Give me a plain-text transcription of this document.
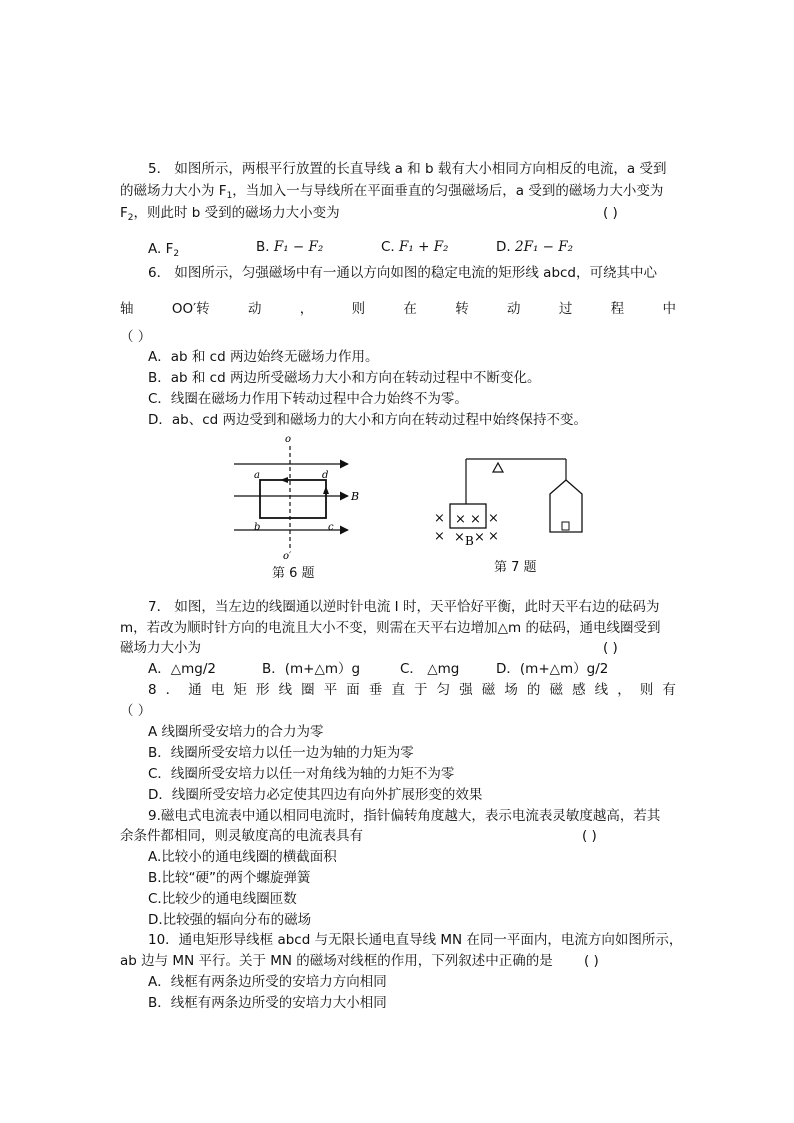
5． 如图所示，两根平行放置的长直导线 a 和 b 载有大小相同方向相反的电流，a 受到
的磁场力大小为 $F_1$，当加入一与导线所在平面垂直的匀强磁场后，a 受到的磁场力大小变为
$F_2$，则此时 b 受到的磁场力大小变为	( )
A. $F_2$	B. F₁ − F₂	C. F₁ + F₂	D. 2F₁ − F₂
6． 如图所示，匀强磁场中有一通以方向如图的稳定电流的矩形线 abcd，可绕其中心
轴	OO′转	动	，	则	在	转	动	过	程	中
（ ）
A．ab 和 cd 两边始终无磁场力作用。
B．ab 和 cd 两边所受磁场力大小和方向在转动过程中不断变化。
C．线圈在磁场力作用下转动过程中合力始终不为零。
D．ab、cd 两边受到和磁场力的大小和方向在转动过程中始终保持不变。
o
o′
a	d
b	c
B
第 6 题
× × × ×
× × B × ×
第 7 题
7． 如图，当左边的线圈通以逆时针电流 I 时，天平恰好平衡，此时天平右边的砝码为
m，若改为顺时针方向的电流且大小不变，则需在天平右边增加△m 的砝码，通电线圈受到
磁场力大小为	( )
A．△mg/2	B．(m+△m）g	C． △mg	D．(m+△m）g/2
8 ． 通 电 矩 形 线 圈 平 面 垂 直 于 匀 强 磁 场 的 磁 感 线 ， 则 有
（ ）
A 线圈所受安培力的合力为零
B．线圈所受安培力以任一边为轴的力矩为零
C．线圈所受安培力以任一对角线为轴的力矩不为零
D．线圈所受安培力必定使其四边有向外扩展形变的效果
9.磁电式电流表中通以相同电流时，指针偏转角度越大，表示电流表灵敏度越高，若其
余条件都相同，则灵敏度高的电流表具有	( )
A.比较小的通电线圈的横截面积
B.比较“硬”的两个螺旋弹簧
C.比较少的通电线圈匝数
D.比较强的辐向分布的磁场
10．通电矩形导线框 abcd 与无限长通电直导线 MN 在同一平面内，电流方向如图所示，
ab 边与 MN 平行。关于 MN 的磁场对线框的作用，下列叙述中正确的是 ( )
A．线框有两条边所受的安培力方向相同
B．线框有两条边所受的安培力大小相同
